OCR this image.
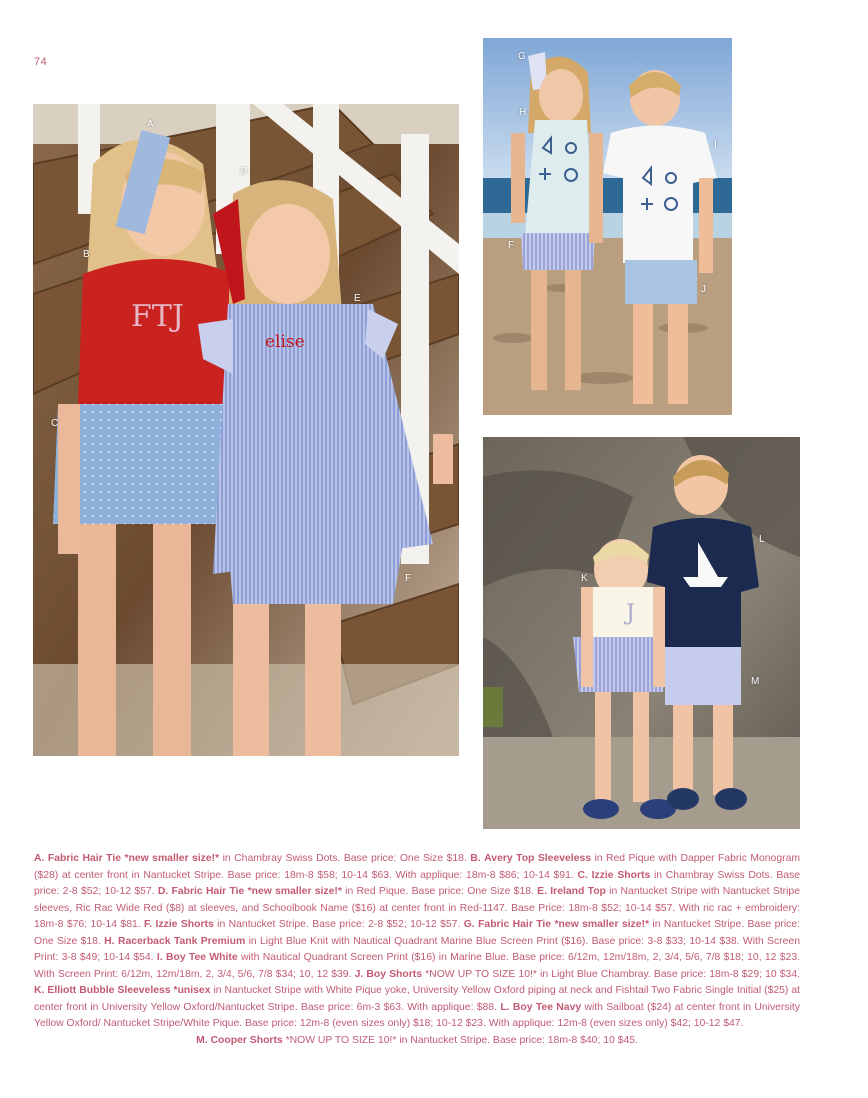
74
FTJ
elise
J
A
B
C
D
E
F
G
H
I
F
J
K
L
M
A. Fabric Hair Tie *new smaller size!* in Chambray Swiss Dots. Base price: One Size $18. B. Avery Top Sleeveless in Red Pique with Dapper Fabric Monogram ($28) at center front in Nantucket Stripe. Base price: 18m-8 $58; 10-14 $63. With applique: 18m-8 $86; 10-14 $91. C. Izzie Shorts in Chambray Swiss Dots. Base price: 2-8 $52; 10-12 $57. D. Fabric Hair Tie *new smaller size!* in Red Pique. Base price: One Size $18. E. Ireland Top in Nantucket Stripe with Nantucket Stripe sleeves, Ric Rac Wide Red ($8) at sleeves, and Schoolbook Name ($16) at center front in Red-1147. Base Price: 18m-8 $52; 10-14 $57. With ric rac + embroidery: 18m-8 $76; 10-14 $81. F. Izzie Shorts in Nantucket Stripe. Base price: 2-8 $52; 10-12 $57. G. Fabric Hair Tie *new smaller size!* in Nantucket Stripe. Base price: One Size $18. H. Racerback Tank Premium in Light Blue Knit with Nautical Quadrant Marine Blue Screen Print ($16). Base price: 3-8 $33; 10-14 $38. With Screen Print: 3-8 $49; 10-14 $54. I. Boy Tee White with Nautical Quadrant Screen Print ($16) in Marine Blue. Base price: 6/12m, 12m/18m, 2, 3/4, 5/6, 7/8 $18; 10, 12 $23. With Screen Print: 6/12m, 12m/18m, 2, 3/4, 5/6, 7/8 $34; 10, 12 $39. J. Boy Shorts *NOW UP TO SIZE 10!* in Light Blue Chambray. Base price: 18m-8 $29; 10 $34. K. Elliott Bubble Sleeveless *unisex in Nantucket Stripe with White Pique yoke, University Yellow Oxford piping at neck and Fishtail Two Fabric Single Initial ($25) at center front in University Yellow Oxford/Nantucket Stripe. Base price: 6m-3 $63. With applique: $88. L. Boy Tee Navy with Sailboat ($24) at center front in University Yellow Oxford/ Nantucket Stripe/White Pique. Base price: 12m-8 (even sizes only) $18; 10-12 $23. With applique: 12m-8 (even sizes only) $42; 10-12 $47.
M. Cooper Shorts *NOW UP TO SIZE 10!* in Nantucket Stripe. Base price: 18m-8 $40; 10 $45.
